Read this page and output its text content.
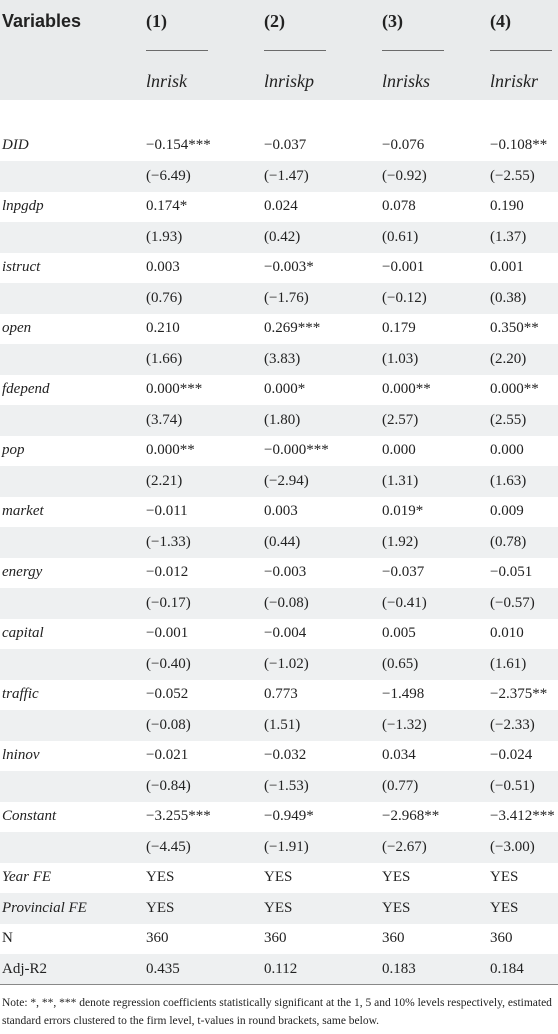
Variables	(1)	(2)	(3)	(4)

	lnrisk	lnriskp	lnrisks	lnriskr

DID	−0.154***	−0.037	−0.076	−0.108**
	(−6.49)	(−1.47)	(−0.92)	(−2.55)
lnpgdp	0.174*	0.024	0.078	0.190
	(1.93)	(0.42)	(0.61)	(1.37)
istruct	0.003	−0.003*	−0.001	0.001
	(0.76)	(−1.76)	(−0.12)	(0.38)
open	0.210	0.269***	0.179	0.350**
	(1.66)	(3.83)	(1.03)	(2.20)
fdepend	0.000***	0.000*	0.000**	0.000**
	(3.74)	(1.80)	(2.57)	(2.55)
pop	0.000**	−0.000***	0.000	0.000
	(2.21)	(−2.94)	(1.31)	(1.63)
market	−0.011	0.003	0.019*	0.009
	(−1.33)	(0.44)	(1.92)	(0.78)
energy	−0.012	−0.003	−0.037	−0.051
	(−0.17)	(−0.08)	(−0.41)	(−0.57)
capital	−0.001	−0.004	0.005	0.010
	(−0.40)	(−1.02)	(0.65)	(1.61)
traffic	−0.052	0.773	−1.498	−2.375**
	(−0.08)	(1.51)	(−1.32)	(−2.33)
lninov	−0.021	−0.032	0.034	−0.024
	(−0.84)	(−1.53)	(0.77)	(−0.51)
Constant	−3.255***	−0.949*	−2.968**	−3.412***
	(−4.45)	(−1.91)	(−2.67)	(−3.00)
Year FE	YES	YES	YES	YES
Provincial FE	YES	YES	YES	YES
N	360	360	360	360
Adj-R2	0.435	0.112	0.183	0.184
Note: *, **, *** denote regression coefficients statistically significant at the 1, 5 and 10% levels respectively, estimated standard errors clustered to the firm level, t-values in round brackets, same below.
